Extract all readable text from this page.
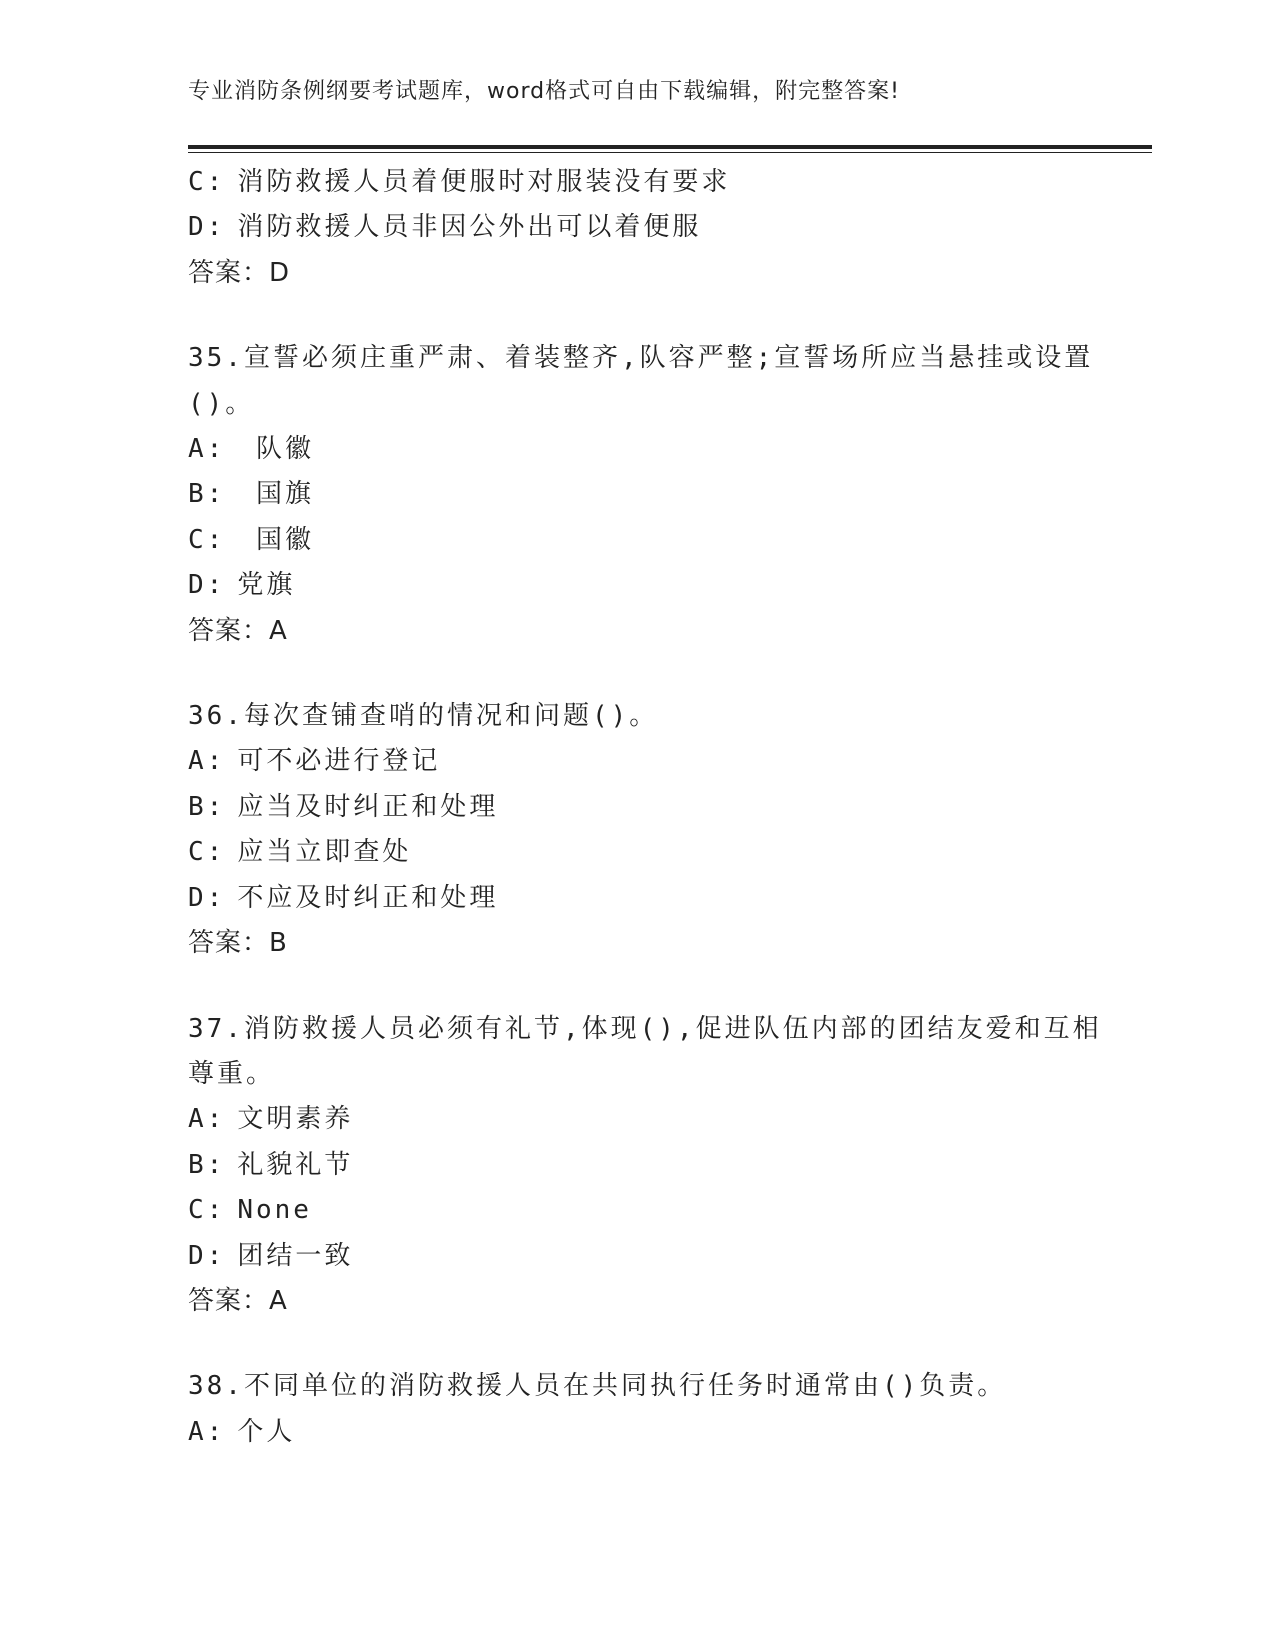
专业消防条例纲要考试题库，word格式可自由下载编辑，附完整答案!
C: 消防救援人员着便服时对服装没有要求
D: 消防救援人员非因公外出可以着便服
答案：D
35.宣誓必须庄重严肃、着装整齐,队容严整;宣誓场所应当悬挂或设置
()。
A: 队徽
B: 国旗
C: 国徽
D: 党旗
答案：A
36.每次查铺查哨的情况和问题()。
A: 可不必进行登记
B: 应当及时纠正和处理
C: 应当立即查处
D: 不应及时纠正和处理
答案：B
37.消防救援人员必须有礼节,体现(),促进队伍内部的团结友爱和互相
尊重。
A: 文明素养
B: 礼貌礼节
C: None
D: 团结一致
答案：A
38.不同单位的消防救援人员在共同执行任务时通常由()负责。
A: 个人
